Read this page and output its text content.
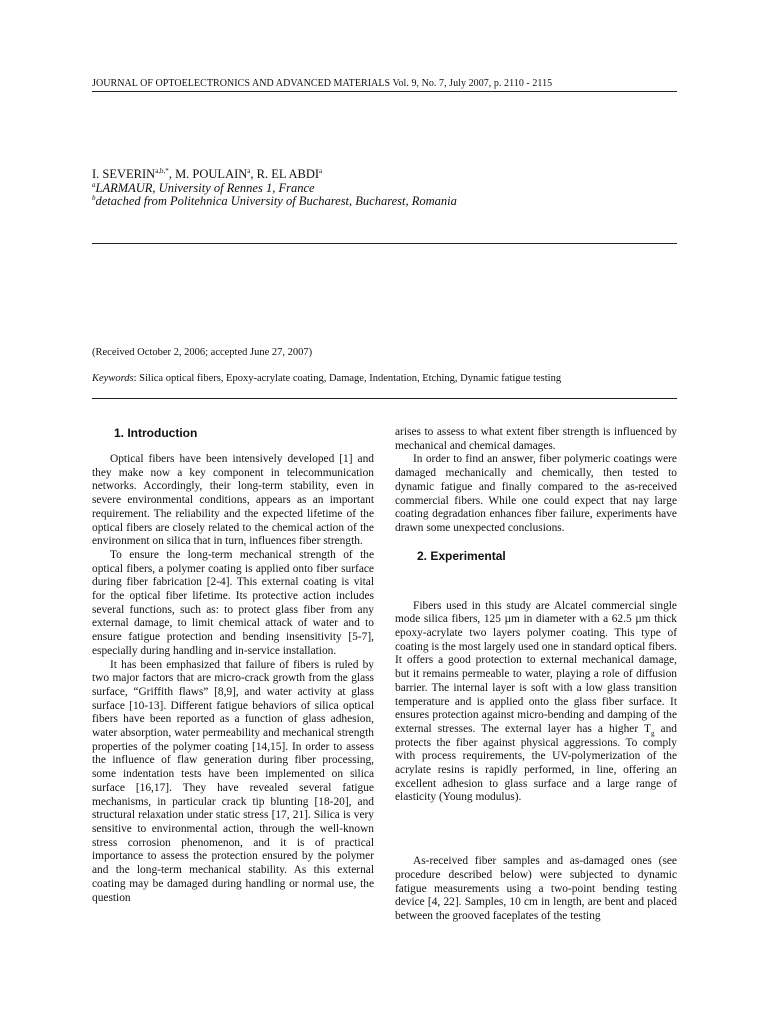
JOURNAL OF OPTOELECTRONICS AND ADVANCED MATERIALS Vol. 9, No. 7, July 2007, p. 2110 - 2115
I. $SEVERIN^{a,b,*}$, M. POULAIN$^a$, R. EL ABDI$^a$
$^a$LARMAUR, University of Rennes 1, France
$^b$detached from Politehnica University of Bucharest, Bucharest, Romania
(Received October 2, 2006; accepted June 27, 2007)
Keywords: Silica optical fibers, Epoxy-acrylate coating, Damage, Indentation, Etching, Dynamic fatigue testing
1. Introduction

Optical fibers have been intensively developed [1] and they make now a key component in telecommunication networks. Accordingly, their long-term stability, even in severe environmental conditions, appears as an important requirement. The reliability and the expected lifetime of the optical fibers are closely related to the chemical action of the environment on silica that in turn, influences fiber strength.

To ensure the long-term mechanical strength of the optical fibers, a polymer coating is applied onto fiber surface during fiber fabrication [2-4]. This external coating is vital for the optical fiber lifetime. Its protective action includes several functions, such as: to protect glass fiber from any external damage, to limit chemical attack of water and to ensure fatigue protection and bending insensitivity [5-7], especially during handling and in-service installation.

It has been emphasized that failure of fibers is ruled by two major factors that are micro-crack growth from the glass surface, “Griffith flaws” [8,9], and water activity at glass surface [10-13]. Different fatigue behaviors of silica optical fibers have been reported as a function of glass adhesion, water absorption, water permeability and mechanical strength properties of the polymer coating [14,15]. In order to assess the influence of flaw generation during fiber processing, some indentation tests have been implemented on silica surface [16,17]. They have revealed several fatigue mechanisms, in particular crack tip blunting [18-20], and structural relaxation under static stress [17, 21]. Silica is very sensitive to environmental action, through the well-known stress corrosion phenomenon, and it is of practical importance to assess the protection ensured by the polymer and the long-term mechanical stability. As this external coating may be damaged during handling or normal use, the question

arises to assess to what extent fiber strength is influenced by mechanical and chemical damages.

In order to find an answer, fiber polymeric coatings were damaged mechanically and chemically, then tested to dynamic fatigue and finally compared to the as-received commercial fibers. While one could expect that nay large coating degradation enhances fiber failure, experiments have drawn some unexpected conclusions.

2. Experimental

Fibers used in this study are Alcatel commercial single mode silica fibers, 125 µm in diameter with a 62.5 µm thick epoxy-acrylate two layers polymer coating. This type of coating is the most largely used one in standard optical fibers. It offers a good protection to external mechanical damage, but it remains permeable to water, playing a role of diffusion barrier. The internal layer is soft with a low glass transition temperature and is applied onto the glass fiber surface. It ensures protection against micro-bending and damping of the external stresses. The external layer has a higher $T_g$ and protects the fiber against physical aggressions. To comply with process requirements, the UV-polymerization of the acrylate resins is rapidly performed, in line, offering an excellent adhesion to glass surface and a large range of elasticity (Young modulus).

As-received fiber samples and as-damaged ones (see procedure described below) were subjected to dynamic fatigue measurements using a two-point bending testing device [4, 22]. Samples, 10 cm in length, are bent and placed between the grooved faceplates of the testing
